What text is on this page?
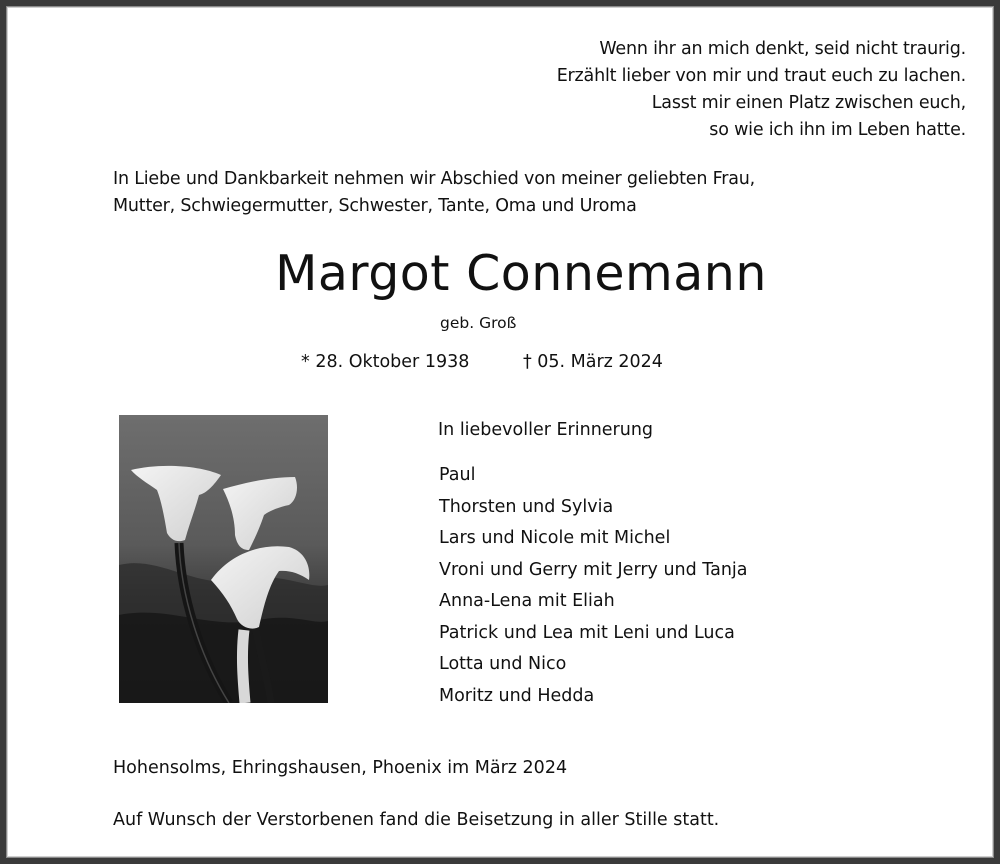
Wenn ihr an mich denkt, seid nicht traurig.
Erzählt lieber von mir und traut euch zu lachen.
Lasst mir einen Platz zwischen euch,
so wie ich ihn im Leben hatte.
In Liebe und Dankbarkeit nehmen wir Abschied von meiner geliebten Frau,
Mutter, Schwiegermutter, Schwester, Tante, Oma und Uroma
Margot Connemann
geb. Groß
* 28. Oktober 1938	† 05. März 2024
In liebevoller Erinnerung
Paul
Thorsten und Sylvia
Lars und Nicole mit Michel
Vroni und Gerry mit Jerry und Tanja
Anna-Lena mit Eliah
Patrick und Lea mit Leni und Luca
Lotta und Nico
Moritz und Hedda
Hohensolms, Ehringshausen, Phoenix im März 2024
Auf Wunsch der Verstorbenen fand die Beisetzung in aller Stille statt.
